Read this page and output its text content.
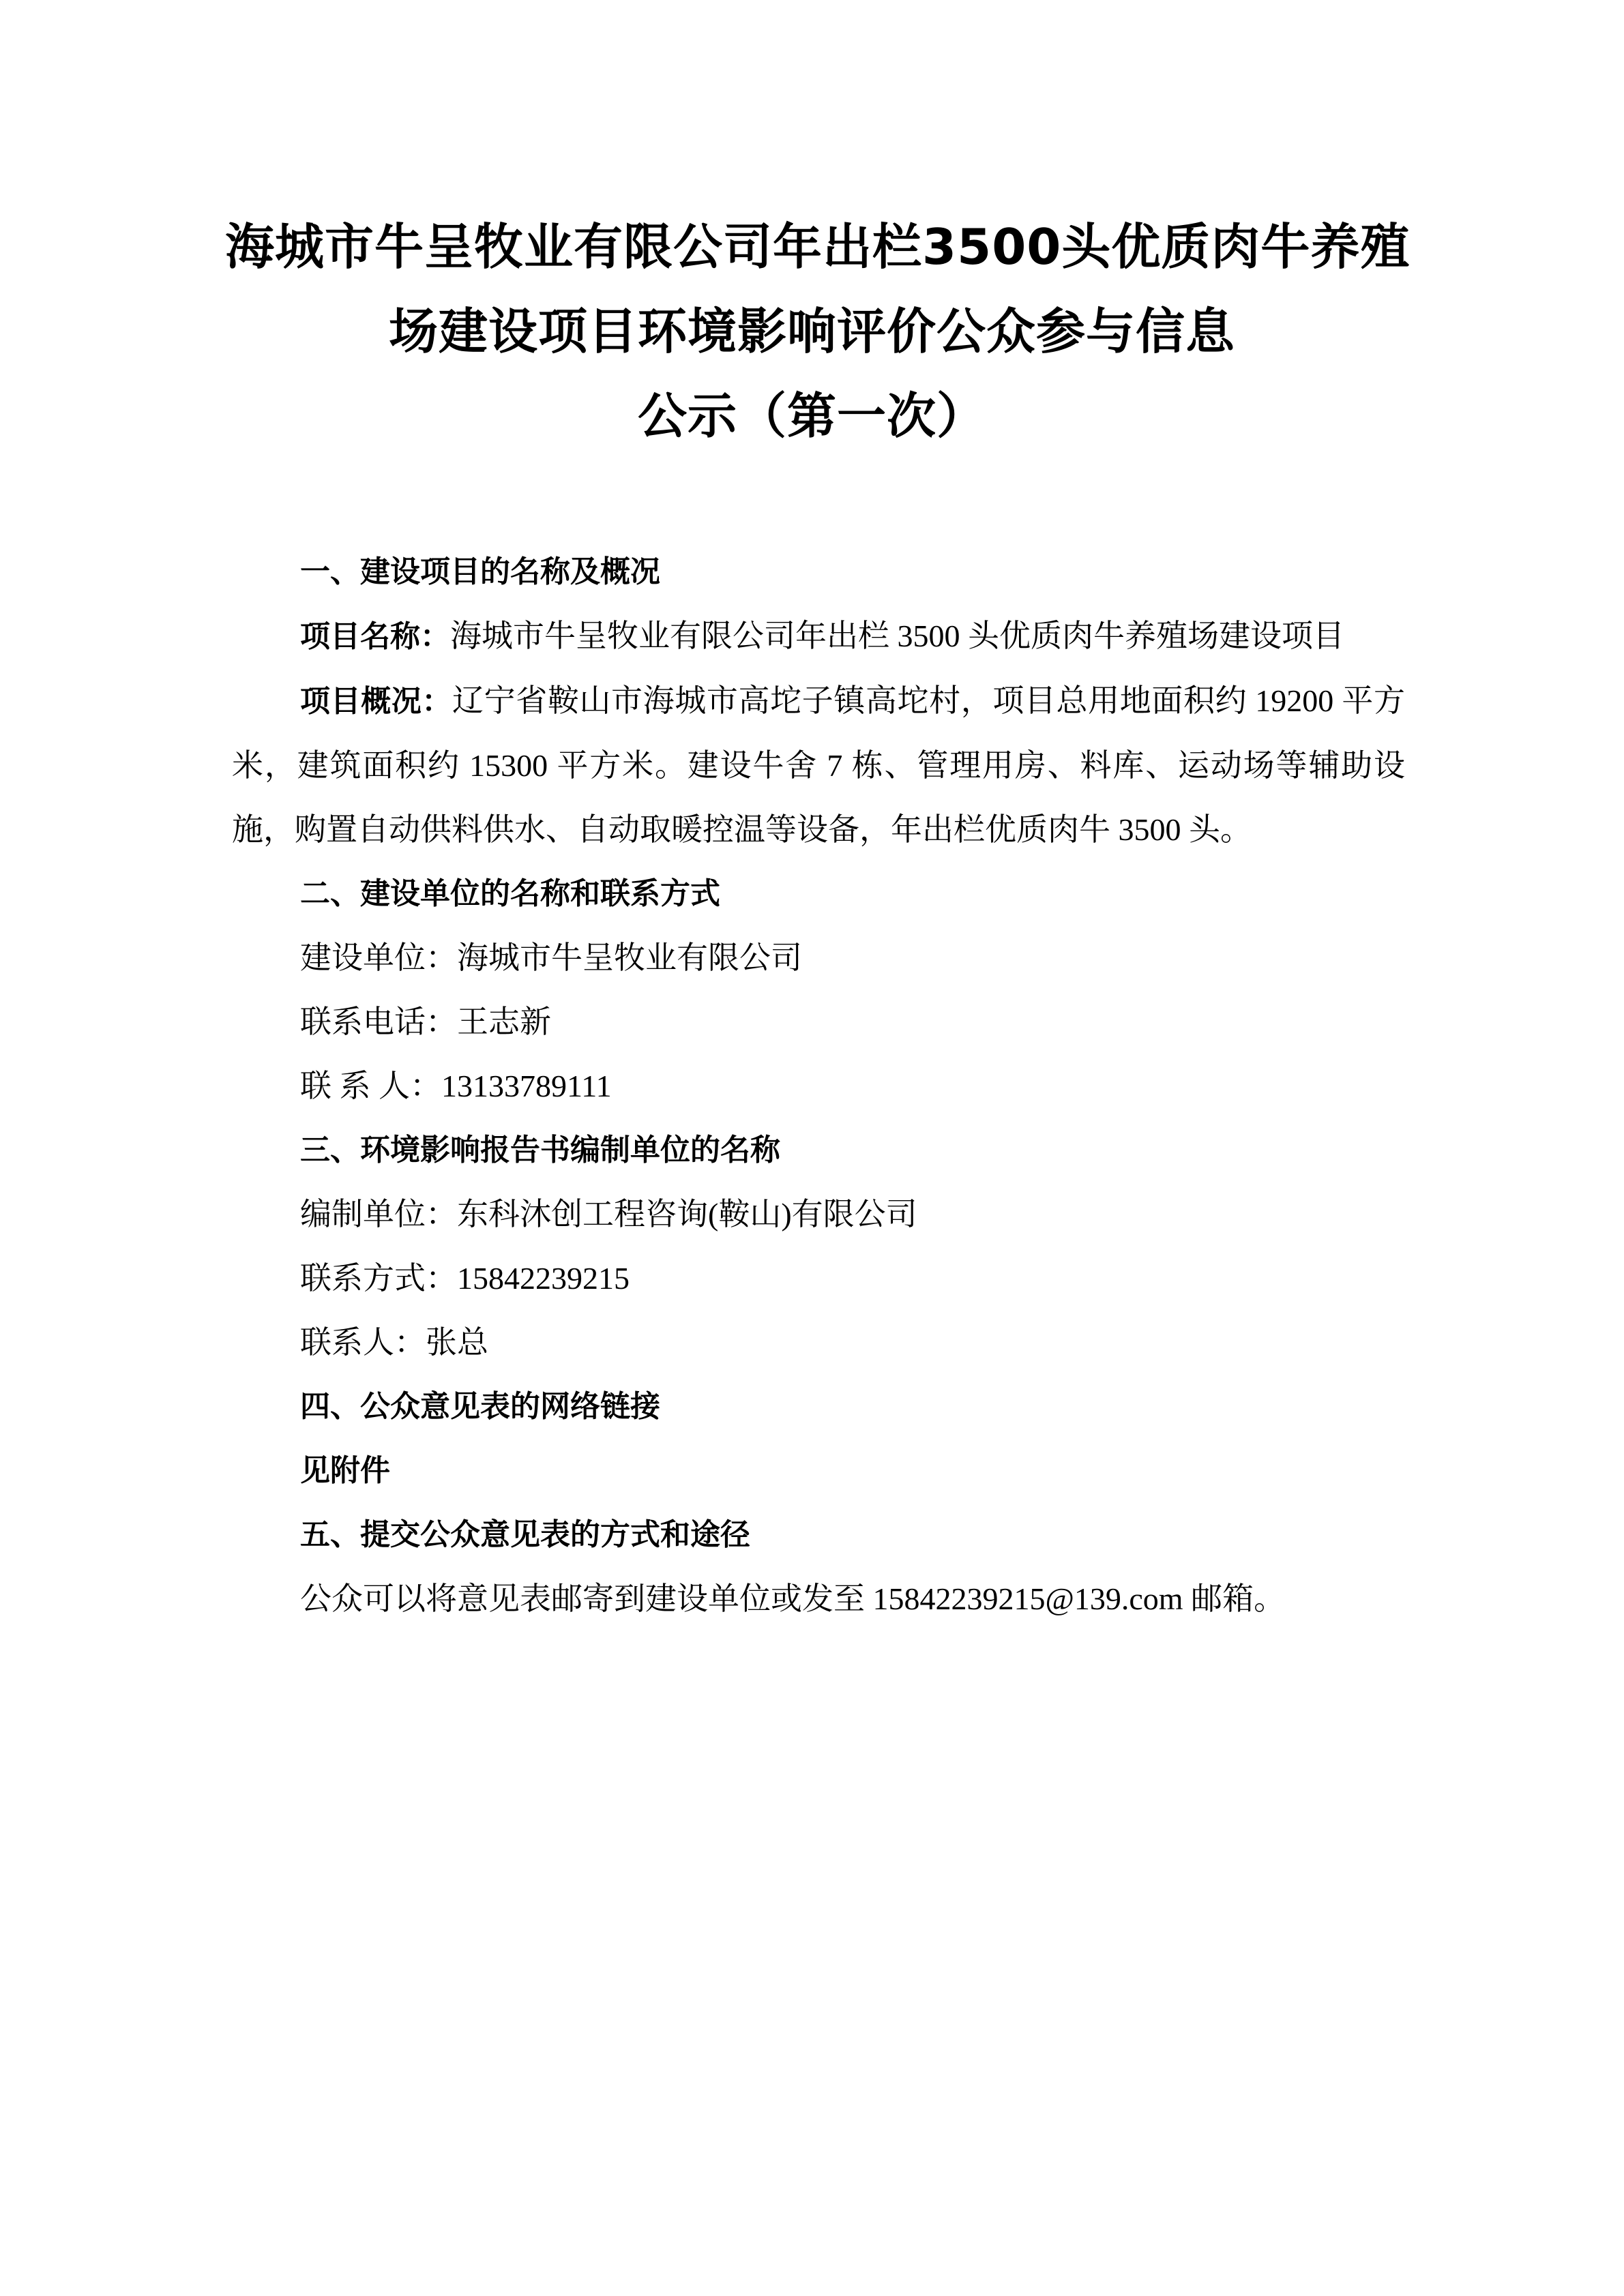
海城市牛呈牧业有限公司年出栏3500头优质肉牛养殖
场建设项目环境影响评价公众参与信息
公示（第一次）

一、建设项目的名称及概况

项目名称：海城市牛呈牧业有限公司年出栏 3500 头优质肉牛养殖场建设项目

项目概况：辽宁省鞍山市海城市高坨子镇高坨村，项目总用地面积约 19200 平方米，建筑面积约 15300 平方米。建设牛舍 7 栋、管理用房、料库、运动场等辅助设施，购置自动供料供水、自动取暖控温等设备，年出栏优质肉牛 3500 头。

二、建设单位的名称和联系方式

建设单位：海城市牛呈牧业有限公司

联系电话：王志新

联 系 人：13133789111

三、环境影响报告书编制单位的名称

编制单位：东科沐创工程咨询(鞍山)有限公司

联系方式：15842239215

联系人：张总

四、公众意见表的网络链接

见附件

五、提交公众意见表的方式和途径

公众可以将意见表邮寄到建设单位或发至 15842239215@139.com 邮箱。
